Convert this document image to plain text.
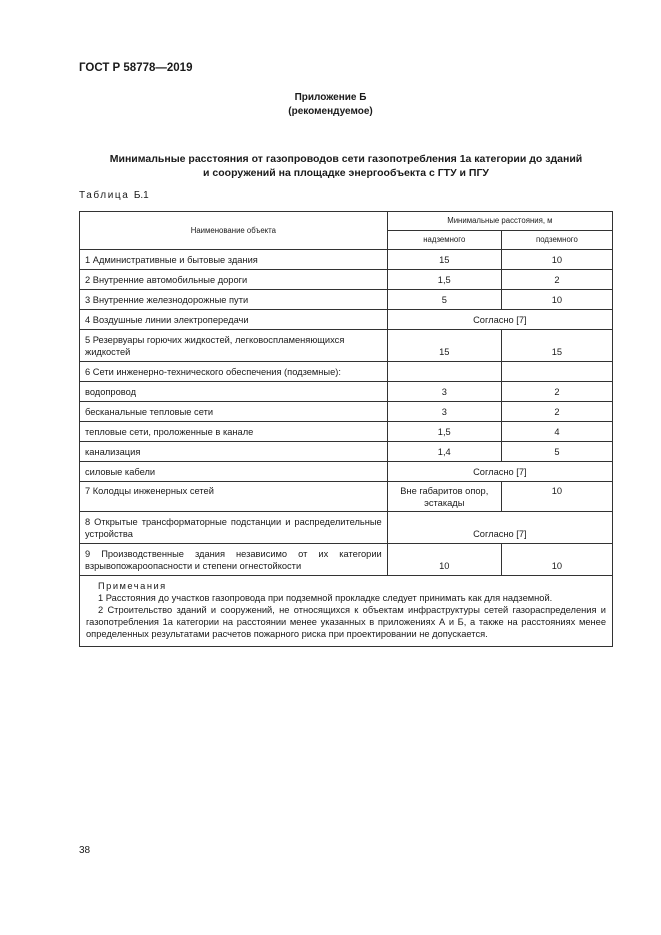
ГОСТ Р 58778—2019
Приложение Б
(рекомендуемое)
Минимальные расстояния от газопроводов сети газопотребления 1а категории до зданий
и сооружений на площадке энергообъекта с ГТУ и ПГУ
Таблица Б.1
Наименование объекта	Минимальные расстояния, м	
	надземного	подземного
1 Административные и бытовые здания	15	10
2 Внутренние автомобильные дороги	1,5	2
3 Внутренние железнодорожные пути	5	10
4 Воздушные линии электропередачи	Согласно [7]	
5 Резервуары горючих жидкостей, легковоспламеняющихся жидкостей	15	15
6 Сети инженерно-технического обеспечения (подземные):		
водопровод	3	2
бесканальные тепловые сети	3	2
тепловые сети, проложенные в канале	1,5	4
канализация	1,4	5
силовые кабели	Согласно [7]	
7 Колодцы инженерных сетей	Вне габаритов опор, эстакады	10
8 Открытые трансформаторные подстанции и распределительные устройства	Согласно [7]	
9 Производственные здания независимо от их категории взрывопожароопасности и степени огнестойкости	10	10

Примечания
1 Расстояния до участков газопровода при подземной прокладке следует принимать как для надземной.
2 Строительство зданий и сооружений, не относящихся к объектам инфраструктуры сетей газораспределения и газопотребления 1а категории на расстоянии менее указанных в приложениях А и Б, а также на расстояниях менее определенных результатами расчетов пожарного риска при проектировании не допускается.		
38
